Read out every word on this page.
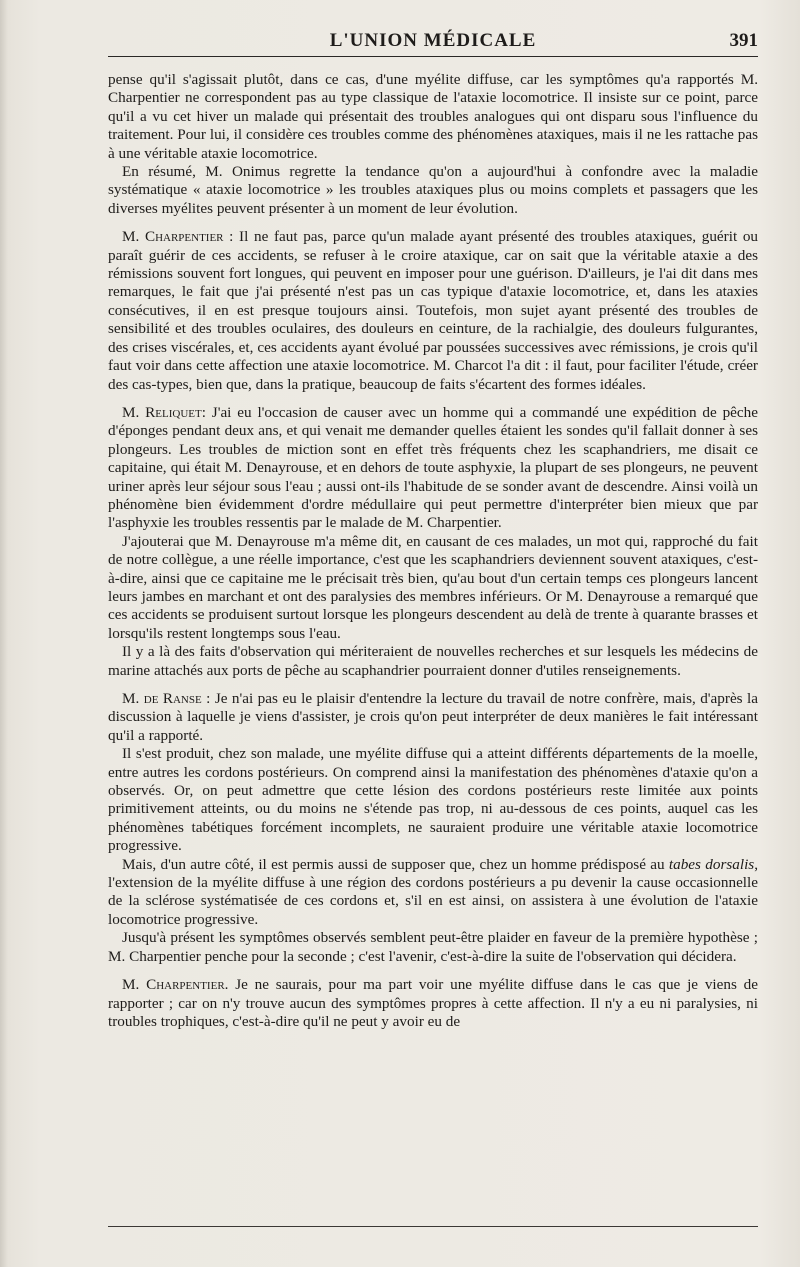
L'UNION MÉDICALE	391

pense qu'il s'agissait plutôt, dans ce cas, d'une myélite diffuse, car les symptômes qu'a rapportés M. Charpentier ne correspondent pas au type classique de l'ataxie locomotrice. Il insiste sur ce point, parce qu'il a vu cet hiver un malade qui présentait des troubles analogues qui ont disparu sous l'influence du traitement. Pour lui, il considère ces troubles comme des phénomènes ataxiques, mais il ne les rattache pas à une véritable ataxie locomotrice.

En résumé, M. Onimus regrette la tendance qu'on a aujourd'hui à confondre avec la maladie systématique « ataxie locomotrice » les troubles ataxiques plus ou moins complets et passagers que les diverses myélites peuvent présenter à un moment de leur évolution.

M. Charpentier : Il ne faut pas, parce qu'un malade ayant présenté des troubles ataxiques, guérit ou paraît guérir de ces accidents, se refuser à le croire ataxique, car on sait que la véritable ataxie a des rémissions souvent fort longues, qui peuvent en imposer pour une guérison. D'ailleurs, je l'ai dit dans mes remarques, le fait que j'ai présenté n'est pas un cas typique d'ataxie locomotrice, et, dans les ataxies consécutives, il en est presque toujours ainsi. Toutefois, mon sujet ayant présenté des troubles de sensibilité et des troubles oculaires, des douleurs en ceinture, de la rachialgie, des douleurs fulgurantes, des crises viscérales, et, ces accidents ayant évolué par poussées successives avec rémissions, je crois qu'il faut voir dans cette affection une ataxie locomotrice. M. Charcot l'a dit : il faut, pour faciliter l'étude, créer des cas-types, bien que, dans la pratique, beaucoup de faits s'écartent des formes idéales.

M. Reliquet: J'ai eu l'occasion de causer avec un homme qui a commandé une expédition de pêche d'éponges pendant deux ans, et qui venait me demander quelles étaient les sondes qu'il fallait donner à ses plongeurs. Les troubles de miction sont en effet très fréquents chez les scaphandriers, me disait ce capitaine, qui était M. Denayrouse, et en dehors de toute asphyxie, la plupart de ses plongeurs, ne peuvent uriner après leur séjour sous l'eau ; aussi ont-ils l'habitude de se sonder avant de descendre. Ainsi voilà un phénomène bien évidemment d'ordre médullaire qui peut permettre d'interpréter bien mieux que par l'asphyxie les troubles ressentis par le malade de M. Charpentier.

J'ajouterai que M. Denayrouse m'a même dit, en causant de ces malades, un mot qui, rapproché du fait de notre collègue, a une réelle importance, c'est que les scaphandriers deviennent souvent ataxiques, c'est-à-dire, ainsi que ce capitaine me le précisait très bien, qu'au bout d'un certain temps ces plongeurs lancent leurs jambes en marchant et ont des paralysies des membres inférieurs. Or M. Denayrouse a remarqué que ces accidents se produisent surtout lorsque les plongeurs descendent au delà de trente à quarante brasses et lorsqu'ils restent longtemps sous l'eau.

Il y a là des faits d'observation qui mériteraient de nouvelles recherches et sur lesquels les médecins de marine attachés aux ports de pêche au scaphandrier pourraient donner d'utiles renseignements.

M. de Ranse : Je n'ai pas eu le plaisir d'entendre la lecture du travail de notre confrère, mais, d'après la discussion à laquelle je viens d'assister, je crois qu'on peut interpréter de deux manières le fait intéressant qu'il a rapporté.

Il s'est produit, chez son malade, une myélite diffuse qui a atteint différents départements de la moelle, entre autres les cordons postérieurs. On comprend ainsi la manifestation des phénomènes d'ataxie qu'on a observés. Or, on peut admettre que cette lésion des cordons postérieurs reste limitée aux points primitivement atteints, ou du moins ne s'étende pas trop, ni au-dessous de ces points, auquel cas les phénomènes tabétiques forcément incomplets, ne sauraient produire une véritable ataxie locomotrice progressive.

Mais, d'un autre côté, il est permis aussi de supposer que, chez un homme prédisposé au tabes dorsalis, l'extension de la myélite diffuse à une région des cordons postérieurs a pu devenir la cause occasionnelle de la sclérose systématisée de ces cordons et, s'il en est ainsi, on assistera à une évolution de l'ataxie locomotrice progressive.

Jusqu'à présent les symptômes observés semblent peut-être plaider en faveur de la première hypothèse ; M. Charpentier penche pour la seconde ; c'est l'avenir, c'est-à-dire la suite de l'observation qui décidera.

M. Charpentier. Je ne saurais, pour ma part voir une myélite diffuse dans le cas que je viens de rapporter ; car on n'y trouve aucun des symptômes propres à cette affection. Il n'y a eu ni paralysies, ni troubles trophiques, c'est-à-dire qu'il ne peut y avoir eu de
